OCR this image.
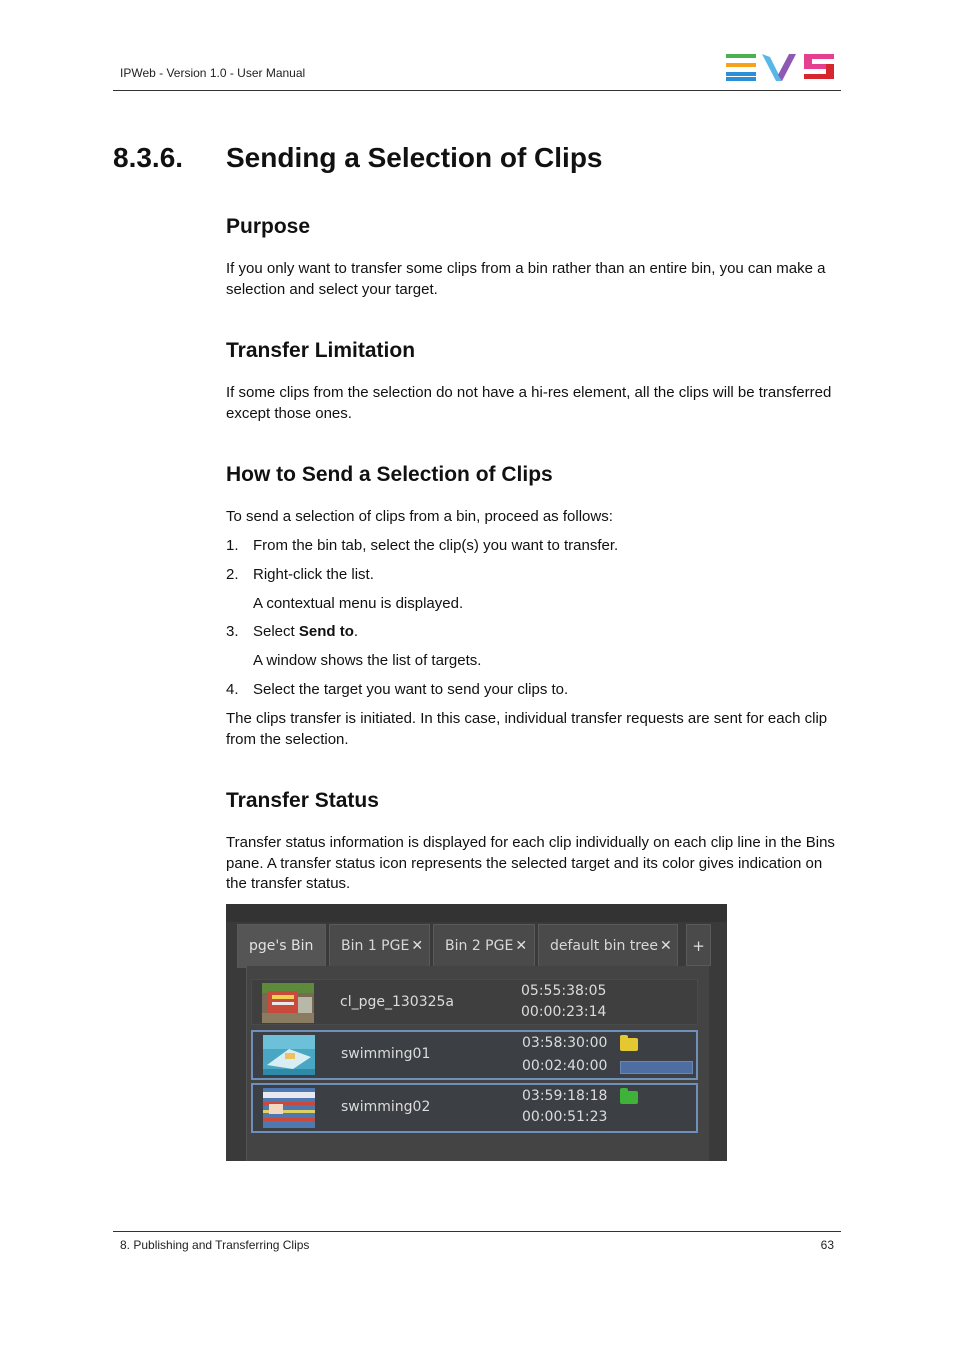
IPWeb - Version 1.0 - User Manual
8.3.6. Sending a Selection of Clips
Purpose
If you only want to transfer some clips from a bin rather than an entire bin, you can make a selection and select your target.
Transfer Limitation
If some clips from the selection do not have a hi-res element, all the clips will be transferred except those ones.
How to Send a Selection of Clips
To send a selection of clips from a bin, proceed as follows:
1. From the bin tab, select the clip(s) you want to transfer.
2. Right-click the list.
A contextual menu is displayed.
3. Select Send to.
A window shows the list of targets.
4. Select the target you want to send your clips to.
The clips transfer is initiated. In this case, individual transfer requests are sent for each clip from the selection.
Transfer Status
Transfer status information is displayed for each clip individually on each clip line in the Bins pane. A transfer status icon represents the selected target and its color gives indication on the transfer status.
pge's Bin	Bin 1 PGE ✕	Bin 2 PGE ✕	default bin tree ✕	+
cl_pge_130325a
05:55:38:05
00:00:23:14
swimming01
03:58:30:00
00:02:40:00
swimming02
03:59:18:18
00:00:51:23
8. Publishing and Transferring Clips	63
